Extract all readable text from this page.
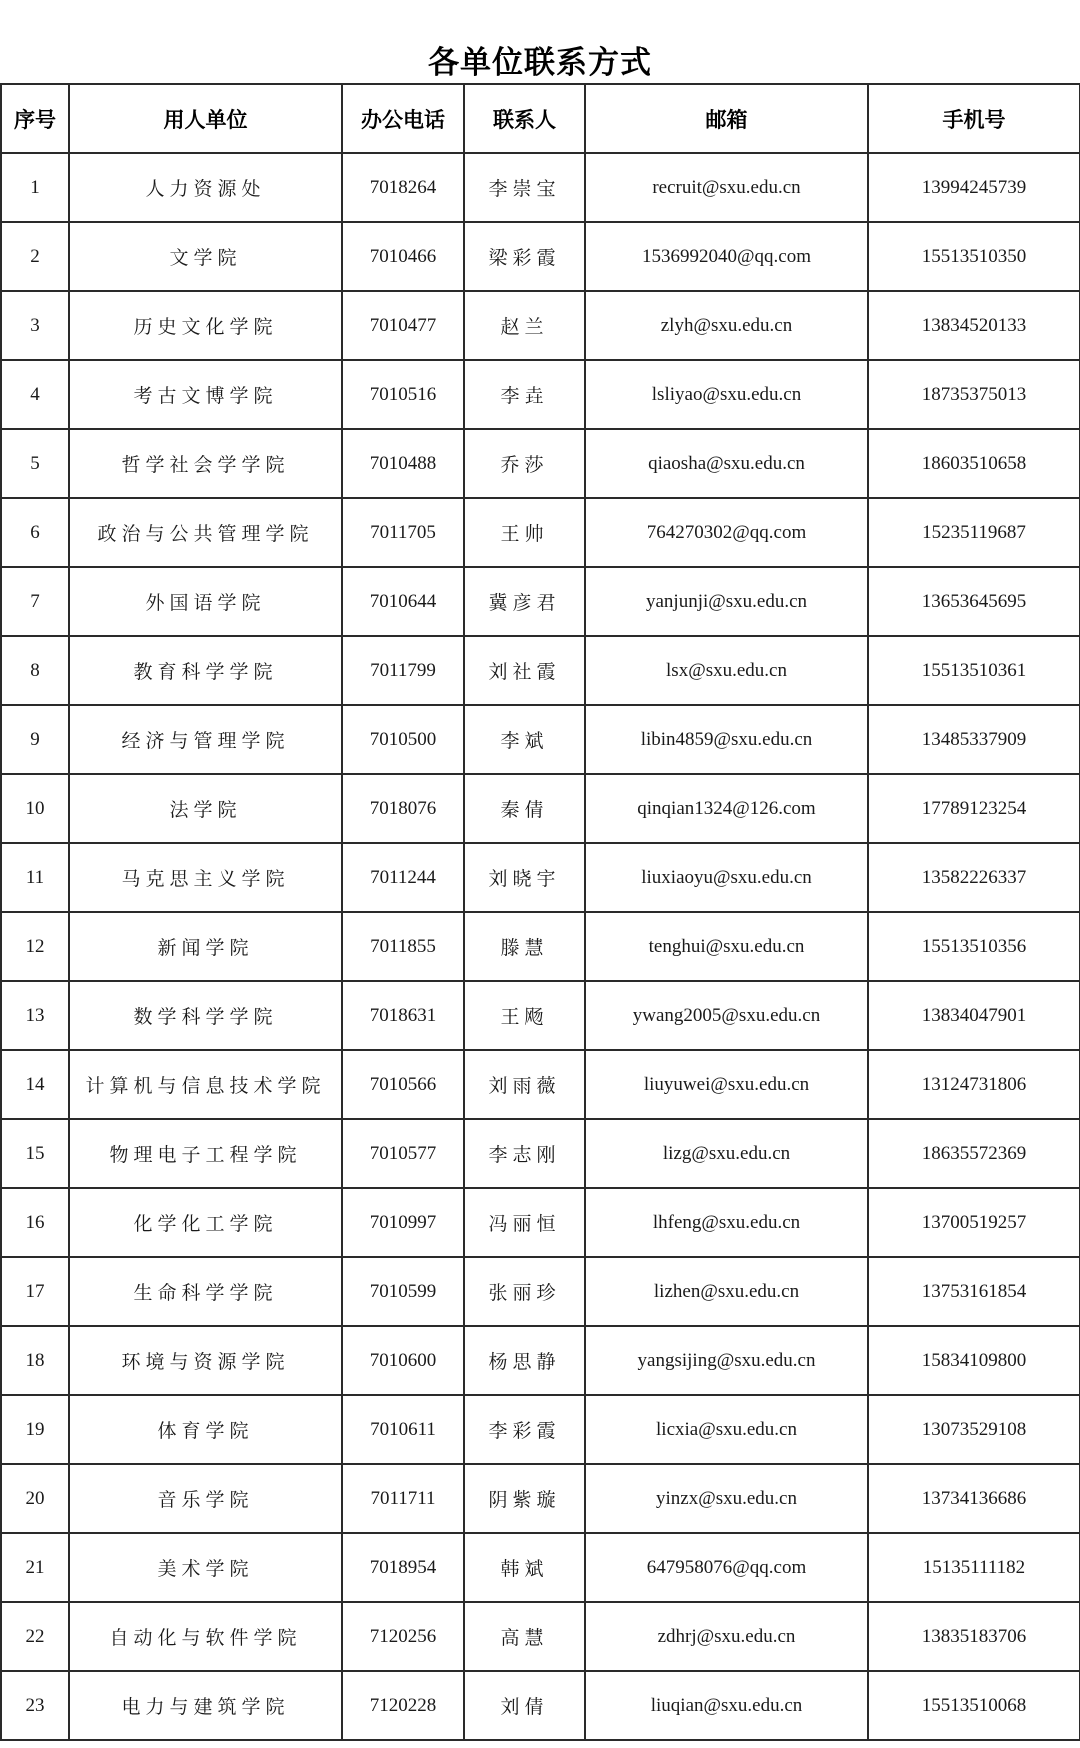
各单位联系方式
序号	用人单位	办公电话	联系人	邮箱	手机号
1	人力资源处	7018264	李崇宝	recruit@sxu.edu.cn	13994245739
2	文学院	7010466	梁彩霞	1536992040@qq.com	15513510350
3	历史文化学院	7010477	赵兰	zlyh@sxu.edu.cn	13834520133
4	考古文博学院	7010516	李垚	lsliyao@sxu.edu.cn	18735375013
5	哲学社会学学院	7010488	乔莎	qiaosha@sxu.edu.cn	18603510658
6	政治与公共管理学院	7011705	王帅	764270302@qq.com	15235119687
7	外国语学院	7010644	冀彦君	yanjunji@sxu.edu.cn	13653645695
8	教育科学学院	7011799	刘社霞	lsx@sxu.edu.cn	15513510361
9	经济与管理学院	7010500	李斌	libin4859@sxu.edu.cn	13485337909
10	法学院	7018076	秦倩	qinqian1324@126.com	17789123254
11	马克思主义学院	7011244	刘晓宇	liuxiaoyu@sxu.edu.cn	13582226337
12	新闻学院	7011855	滕慧	tenghui@sxu.edu.cn	15513510356
13	数学科学学院	7018631	王飏	ywang2005@sxu.edu.cn	13834047901
14	计算机与信息技术学院	7010566	刘雨薇	liuyuwei@sxu.edu.cn	13124731806
15	物理电子工程学院	7010577	李志刚	lizg@sxu.edu.cn	18635572369
16	化学化工学院	7010997	冯丽恒	lhfeng@sxu.edu.cn	13700519257
17	生命科学学院	7010599	张丽珍	lizhen@sxu.edu.cn	13753161854
18	环境与资源学院	7010600	杨思静	yangsijing@sxu.edu.cn	15834109800
19	体育学院	7010611	李彩霞	licxia@sxu.edu.cn	13073529108
20	音乐学院	7011711	阴紫璇	yinzx@sxu.edu.cn	13734136686
21	美术学院	7018954	韩斌	647958076@qq.com	15135111182
22	自动化与软件学院	7120256	高慧	zdhrj@sxu.edu.cn	13835183706
23	电力与建筑学院	7120228	刘倩	liuqian@sxu.edu.cn	15513510068
